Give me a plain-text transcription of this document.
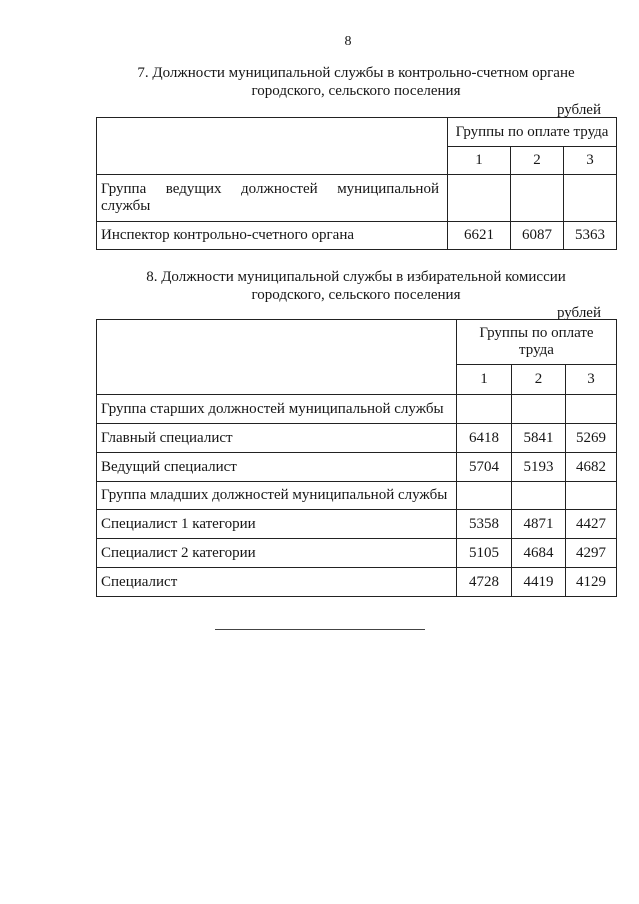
8
7. Должности муниципальной службы в контрольно-счетном органе
городского, сельского поселения
рублей
	Группы по оплате труда		
	1	2	3

Группа ведущих должностей муниципальной службы			

Инспектор контрольно-счетного органа	6621	6087	5363
8. Должности муниципальной службы в избирательной комиссии
городского, сельского поселения
рублей
	Группы по оплате труда		
	1	2	3
Группа старших должностей муниципальной службы			
Главный специалист	6418	5841	5269
Ведущий специалист	5704	5193	4682
Группа младших должностей муниципальной службы			
Специалист 1 категории	5358	4871	4427
Специалист 2 категории	5105	4684	4297
Специалист	4728	4419	4129
